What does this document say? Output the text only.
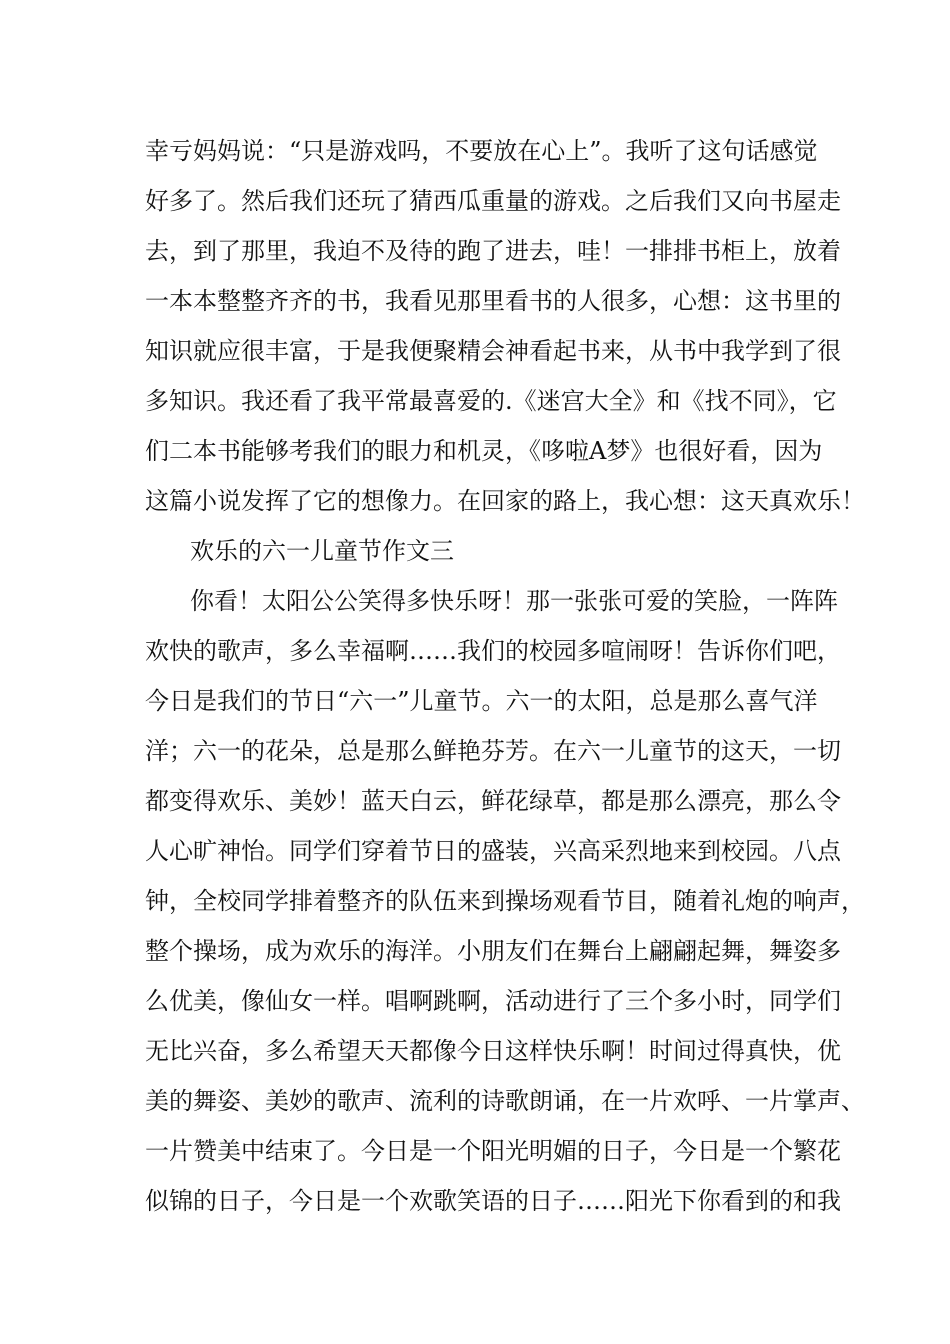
幸亏妈妈说：“只是游戏吗，不要放在心上”。我听了这句话感觉
好多了。然后我们还玩了猜西瓜重量的游戏。之后我们又向书屋走
去，到了那里，我迫不及待的跑了进去，哇！一排排书柜上，放着
一本本整整齐齐的书，我看见那里看书的人很多，心想：这书里的
知识就应很丰富，于是我便聚精会神看起书来，从书中我学到了很
多知识。我还看了我平常最喜爱的.《迷宫大全》和《找不同》，它
们二本书能够考我们的眼力和机灵，《哆啦A梦》也很好看，因为
这篇小说发挥了它的想像力。在回家的路上，我心想：这天真欢乐！
欢乐的六一儿童节作文三
你看！太阳公公笑得多快乐呀！那一张张可爱的笑脸，一阵阵
欢快的歌声，多么幸福啊……我们的校园多喧闹呀！告诉你们吧，
今日是我们的节日“六一”儿童节。六一的太阳，总是那么喜气洋
洋；六一的花朵，总是那么鲜艳芬芳。在六一儿童节的这天，一切
都变得欢乐、美妙！蓝天白云，鲜花绿草，都是那么漂亮，那么令
人心旷神怡。同学们穿着节日的盛装，兴高采烈地来到校园。八点
钟，全校同学排着整齐的队伍来到操场观看节目，随着礼炮的响声，
整个操场，成为欢乐的海洋。小朋友们在舞台上翩翩起舞，舞姿多
么优美，像仙女一样。唱啊跳啊，活动进行了三个多小时，同学们
无比兴奋，多么希望天天都像今日这样快乐啊！时间过得真快，优
美的舞姿、美妙的歌声、流利的诗歌朗诵，在一片欢呼、一片掌声、
一片赞美中结束了。今日是一个阳光明媚的日子，今日是一个繁花
似锦的日子，今日是一个欢歌笑语的日子……阳光下你看到的和我
